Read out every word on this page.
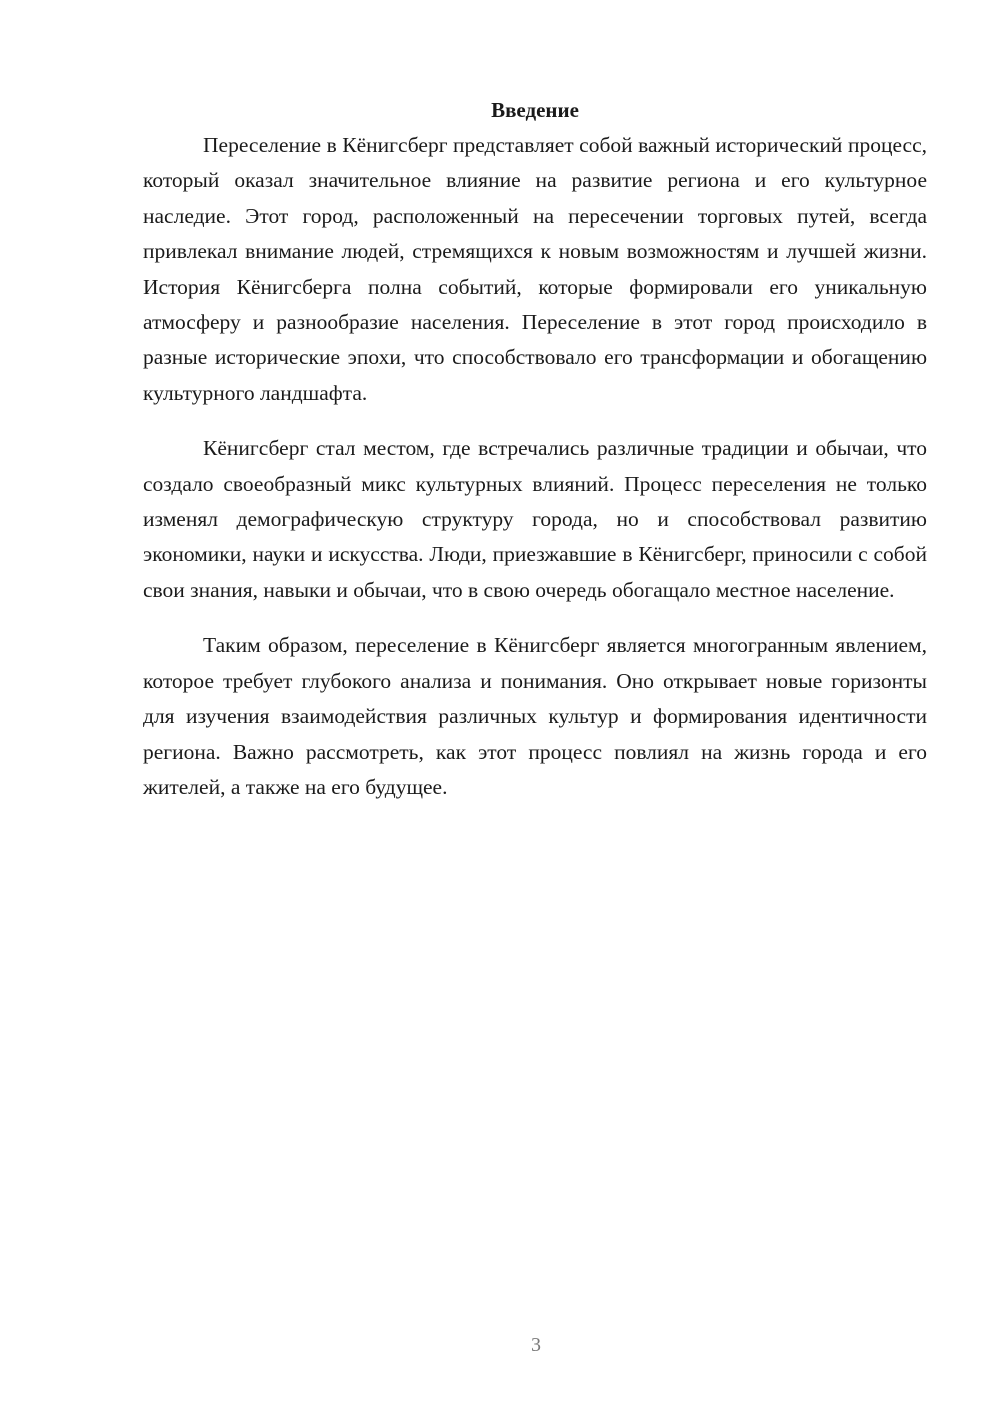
Введение

Переселение в Кёнигсберг представляет собой важный исторический процесс, который оказал значительное влияние на развитие региона и его культурное наследие. Этот город, расположенный на пересечении торговых путей, всегда привлекал внимание людей, стремящихся к новым возможностям и лучшей жизни. История Кёнигсберга полна событий, которые формировали его уникальную атмосферу и разнообразие населения. Переселение в этот город происходило в разные исторические эпохи, что способствовало его трансформации и обогащению культурного ландшафта.

Кёнигсберг стал местом, где встречались различные традиции и обычаи, что создало своеобразный микс культурных влияний. Процесс переселения не только изменял демографическую структуру города, но и способствовал развитию экономики, науки и искусства. Люди, приезжавшие в Кёнигсберг, приносили с собой свои знания, навыки и обычаи, что в свою очередь обогащало местное население.

Таким образом, переселение в Кёнигсберг является многогранным явлением, которое требует глубокого анализа и понимания. Оно открывает новые горизонты для изучения взаимодействия различных культур и формирования идентичности региона. Важно рассмотреть, как этот процесс повлиял на жизнь города и его жителей, а также на его будущее.

3
